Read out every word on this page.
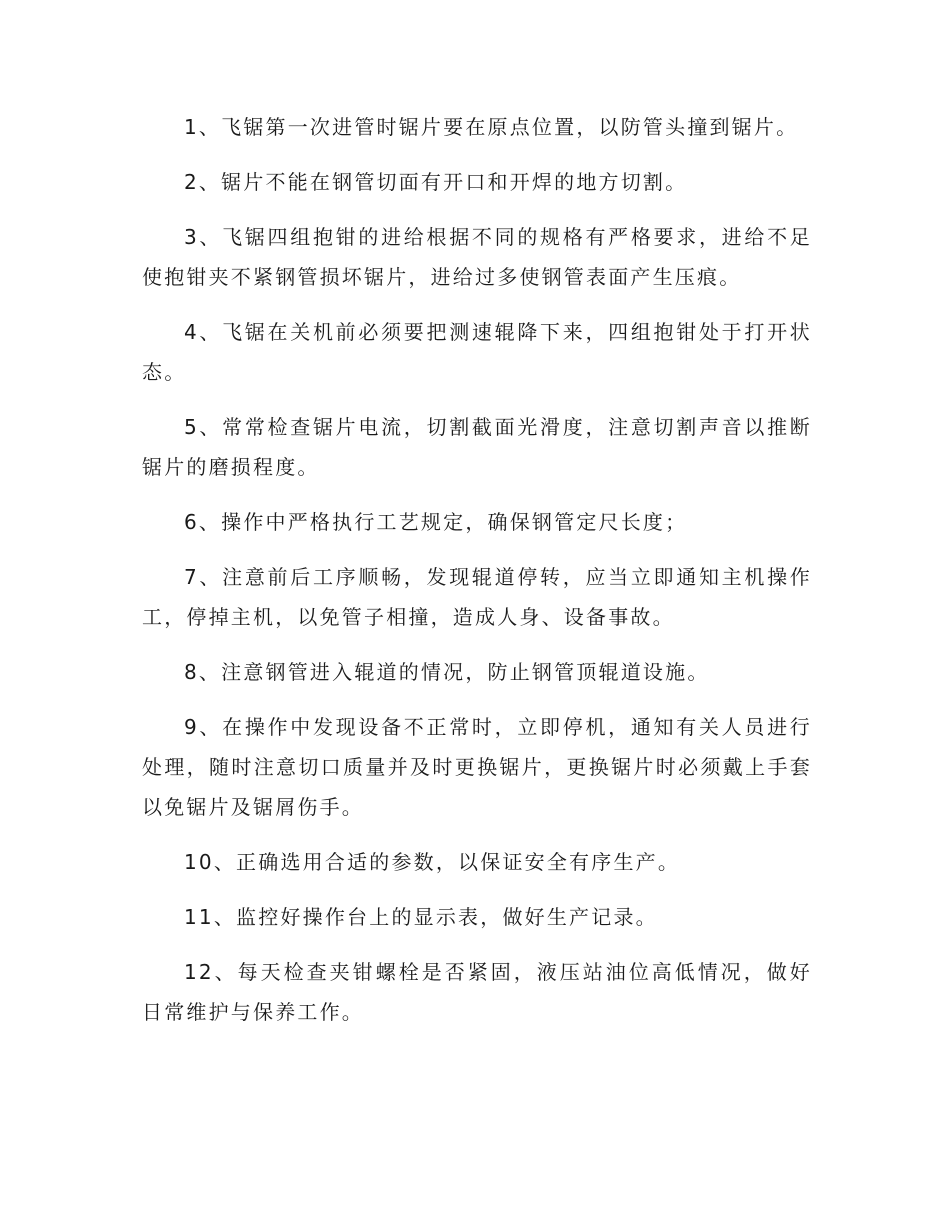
1、飞锯第一次进管时锯片要在原点位置，以防管头撞到锯片。

2、锯片不能在钢管切面有开口和开焊的地方切割。

3、飞锯四组抱钳的进给根据不同的规格有严格要求，进给不足使抱钳夹不紧钢管损坏锯片，进给过多使钢管表面产生压痕。

4、飞锯在关机前必须要把测速辊降下来，四组抱钳处于打开状态。

5、常常检查锯片电流，切割截面光滑度，注意切割声音以推断锯片的磨损程度。

6、操作中严格执行工艺规定，确保钢管定尺长度；

7、注意前后工序顺畅，发现辊道停转，应当立即通知主机操作工，停掉主机，以免管子相撞，造成人身、设备事故。

8、注意钢管进入辊道的情况，防止钢管顶辊道设施。

9、在操作中发现设备不正常时，立即停机，通知有关人员进行处理，随时注意切口质量并及时更换锯片，更换锯片时必须戴上手套以免锯片及锯屑伤手。

10、正确选用合适的参数，以保证安全有序生产。

11、监控好操作台上的显示表，做好生产记录。

12、每天检查夹钳螺栓是否紧固，液压站油位高低情况，做好日常维护与保养工作。
